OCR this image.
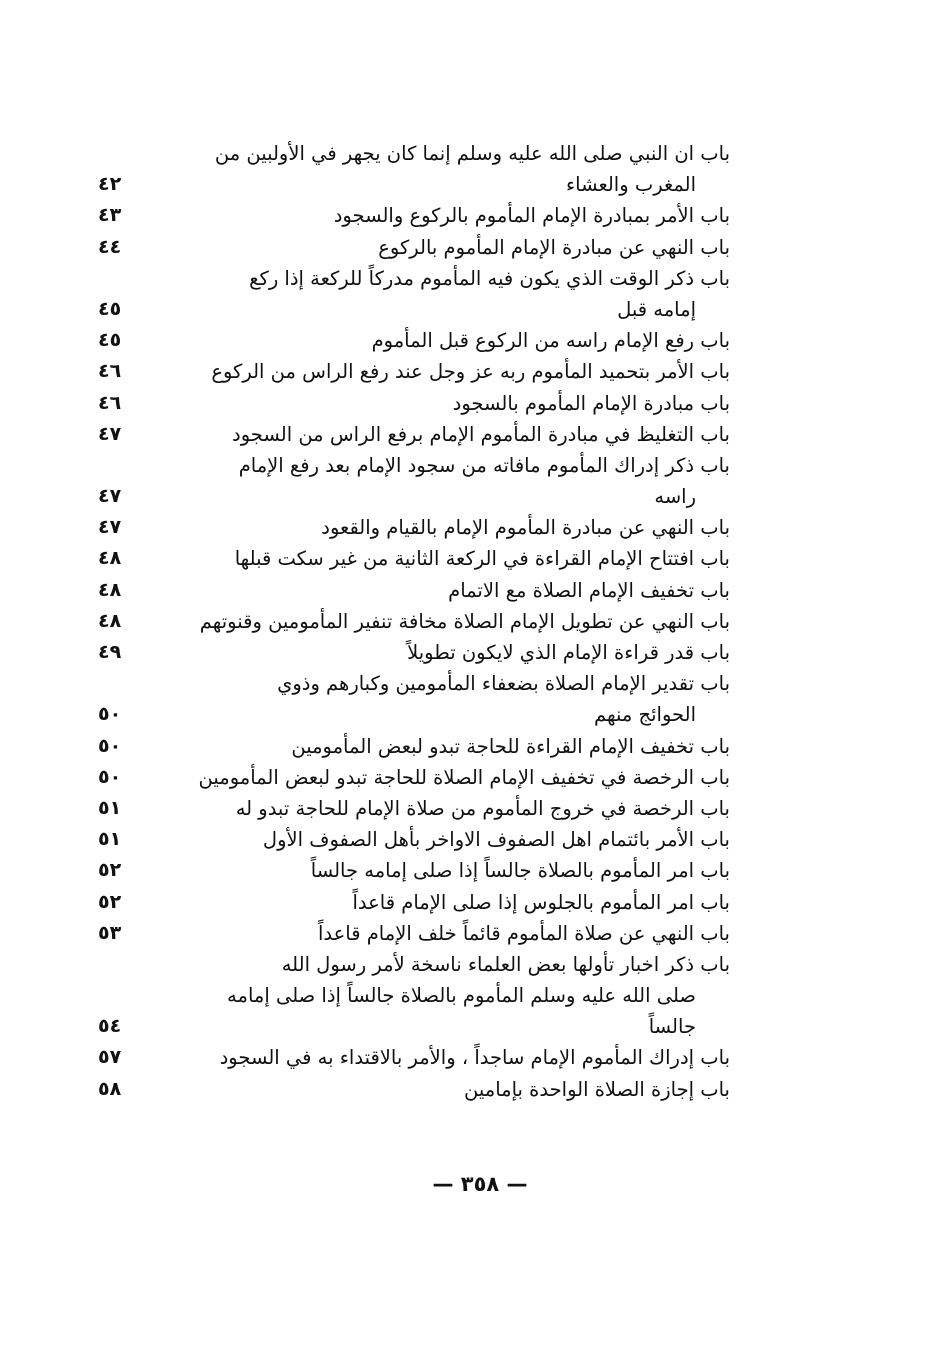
باب ان النبي صلى الله عليه وسلم إنما كان يجهر في الأولبين من
المغرب والعشاء
٤٢
باب الأمر بمبادرة الإمام المأموم بالركوع والسجود
٤٣
باب النهي عن مبادرة الإمام المأموم بالركوع
٤٤
باب ذكر الوقت الذي يكون فيه المأموم مدركاً للركعة إذا ركع
إمامه قبل
٤٥
باب رفع الإمام راسه من الركوع قبل المأموم
٤٥
باب الأمر بتحميد المأموم ربه عز وجل عند رفع الراس من الركوع
٤٦
باب مبادرة الإمام المأموم بالسجود
٤٦
باب التغليظ في مبادرة المأموم الإمام برفع الراس من السجود
٤٧
باب ذكر إدراك المأموم مافاته من سجود الإمام بعد رفع الإمام
راسه
٤٧
باب النهي عن مبادرة المأموم الإمام بالقيام والقعود
٤٧
باب افتتاح الإمام القراءة في الركعة الثانية من غير سكت قبلها
٤٨
باب تخفيف الإمام الصلاة مع الاتمام
٤٨
باب النهي عن تطويل الإمام الصلاة مخافة تنفير المأمومين وقنوتهم
٤٨
باب قدر قراءة الإمام الذي لايكون تطويلاً
٤٩
باب تقدير الإمام الصلاة بضعفاء المأمومين وكبارهم وذوي
الحوائج منهم
٥٠
باب تخفيف الإمام القراءة للحاجة تبدو لبعض المأمومين
٥٠
باب الرخصة في تخفيف الإمام الصلاة للحاجة تبدو لبعض المأمومين
٥٠
باب الرخصة في خروج المأموم من صلاة الإمام للحاجة تبدو له
٥١
باب الأمر بائتمام اهل الصفوف الاواخر بأهل الصفوف الأول
٥١
باب امر المأموم بالصلاة جالساً إذا صلى إمامه جالساً
٥٢
باب امر المأموم بالجلوس إذا صلى الإمام قاعداً
٥٢
باب النهي عن صلاة المأموم قائماً خلف الإمام قاعداً
٥٣
باب ذكر اخبار تأولها بعض العلماء ناسخة لأمر رسول الله
صلى الله عليه وسلم المأموم بالصلاة جالساً إذا صلى إمامه
جالساً
٥٤
باب إدراك المأموم الإمام ساجداً ، والأمر بالاقتداء به في السجود
٥٧
باب إجازة الصلاة الواحدة بإمامين
٥٨
— ٣٥٨ —
